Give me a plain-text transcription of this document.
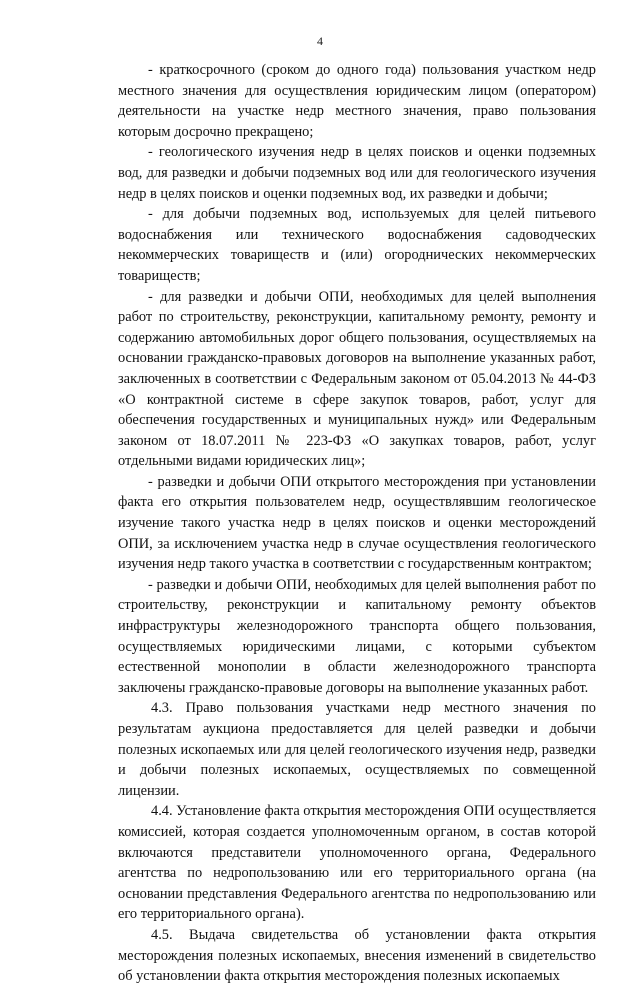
4

- краткосрочного (сроком до одного года) пользования участком недр местного значения для осуществления юридическим лицом (оператором) деятельности на участке недр местного значения, право пользования которым досрочно прекращено;

- геологического изучения недр в целях поисков и оценки подземных вод, для разведки и добычи подземных вод или для геологического изучения недр в целях поисков и оценки подземных вод, их разведки и добычи;

- для добычи подземных вод, используемых для целей питьевого водоснабжения или технического водоснабжения садоводческих некоммерческих товариществ и (или) огороднических некоммерческих товариществ;

- для разведки и добычи ОПИ, необходимых для целей выполнения работ по строительству, реконструкции, капитальному ремонту, ремонту и содержанию автомобильных дорог общего пользования, осуществляемых на основании гражданско-правовых договоров на выполнение указанных работ, заключенных в соответствии с Федеральным законом от 05.04.2013 № 44-ФЗ «О контрактной системе в сфере закупок товаров, работ, услуг для обеспечения государственных и муниципальных нужд» или Федеральным законом от 18.07.2011 № 223-ФЗ «О закупках товаров, работ, услуг отдельными видами юридических лиц»;

- разведки и добычи ОПИ открытого месторождения при установлении факта его открытия пользователем недр, осуществлявшим геологическое изучение такого участка недр в целях поисков и оценки месторождений ОПИ, за исключением участка недр в случае осуществления геологического изучения недр такого участка в соответствии с государственным контрактом;

- разведки и добычи ОПИ, необходимых для целей выполнения работ по строительству, реконструкции и капитальному ремонту объектов инфраструктуры железнодорожного транспорта общего пользования, осуществляемых юридическими лицами, с которыми субъектом естественной монополии в области железнодорожного транспорта заключены гражданско-правовые договоры на выполнение указанных работ.

4.3. Право пользования участками недр местного значения по результатам аукциона предоставляется для целей разведки и добычи полезных ископаемых или для целей геологического изучения недр, разведки и добычи полезных ископаемых, осуществляемых по совмещенной лицензии.

4.4. Установление факта открытия месторождения ОПИ осуществляется комиссией, которая создается уполномоченным органом, в состав которой включаются представители уполномоченного органа, Федерального агентства по недропользованию или его территориального органа (на основании представления Федерального агентства по недропользованию или его территориального органа).

4.5. Выдача свидетельства об установлении факта открытия месторождения полезных ископаемых, внесения изменений в свидетельство об установлении факта открытия месторождения полезных ископаемых
